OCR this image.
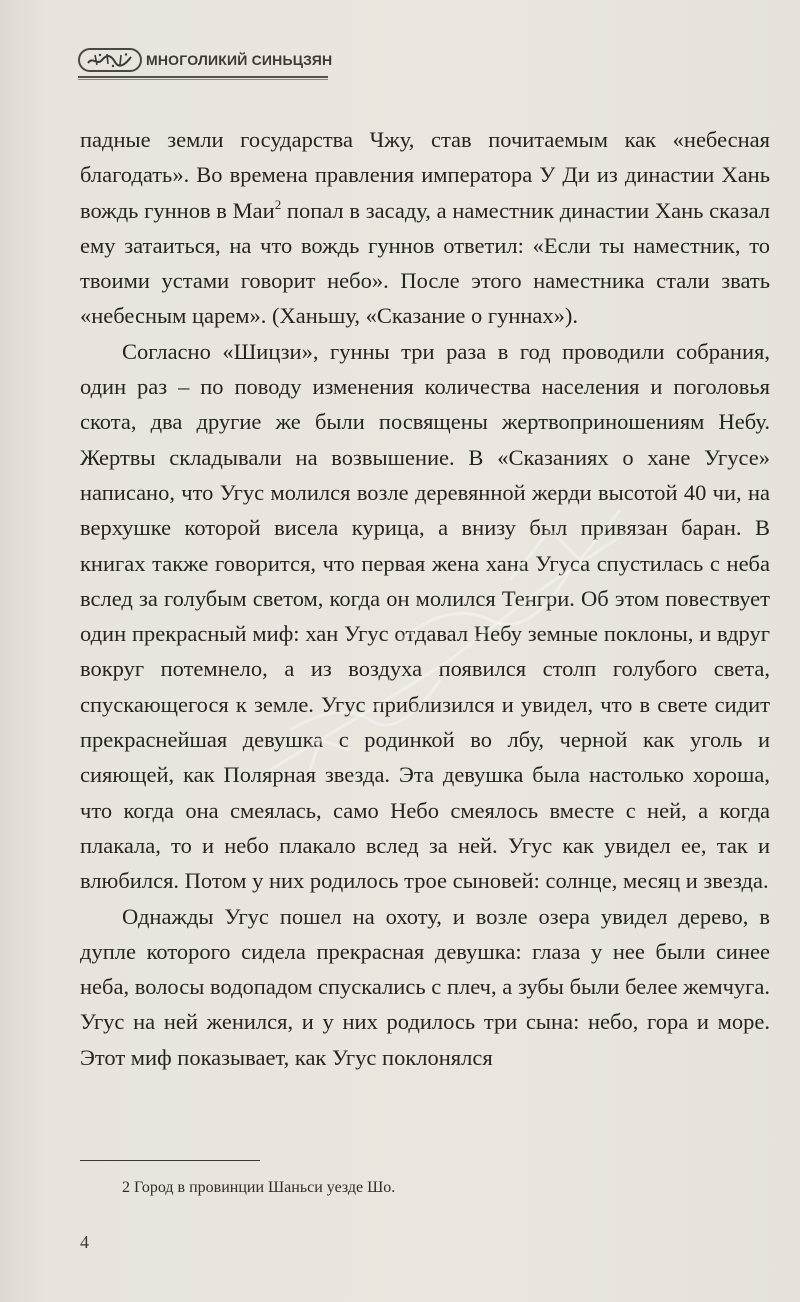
МНОГОЛИКИЙ СИНЬЦЗЯН

падные земли государства Чжу, став почитаемым как «небесная благодать». Во времена правления императора У Ди из династии Хань вождь гуннов в Маи$^2$ попал в засаду, а наместник династии Хань сказал ему затаиться, на что вождь гуннов ответил: «Если ты наместник, то твоими устами говорит небо». После этого наместника стали звать «небесным царем». (Ханьшу, «Сказание о гуннах»).

Согласно «Шицзи», гунны три раза в год проводили собрания, один раз – по поводу изменения количества населения и поголовья скота, два другие же были посвящены жертвоприношениям Небу. Жертвы складывали на возвышение. В «Сказаниях о хане Угусе» написано, что Угус молился возле деревянной жерди высотой 40 чи, на верхушке которой висела курица, а внизу был привязан баран. В книгах также говорится, что первая жена хана Угуса спустилась с неба вслед за голубым светом, когда он молился Тенгри. Об этом повествует один прекрасный миф: хан Угус отдавал Небу земные поклоны, и вдруг вокруг потемнело, а из воздуха появился столп голубого света, спускающегося к земле. Угус приблизился и увидел, что в свете сидит прекраснейшая девушка с родинкой во лбу, черной как уголь и сияющей, как Полярная звезда. Эта девушка была настолько хороша, что когда она смеялась, само Небо смеялось вместе с ней, а когда плакала, то и небо плакало вслед за ней. Угус как увидел ее, так и влюбился. Потом у них родилось трое сыновей: солнце, месяц и звезда.

Однажды Угус пошел на охоту, и возле озера увидел дерево, в дупле которого сидела прекрасная девушка: глаза у нее были синее неба, волосы водопадом спускались с плеч, а зубы были белее жемчуга. Угус на ней женился, и у них родилось три сына: небо, гора и море. Этот миф показывает, как Угус поклонялся

2 Город в провинции Шаньси уезде Шо.
4
